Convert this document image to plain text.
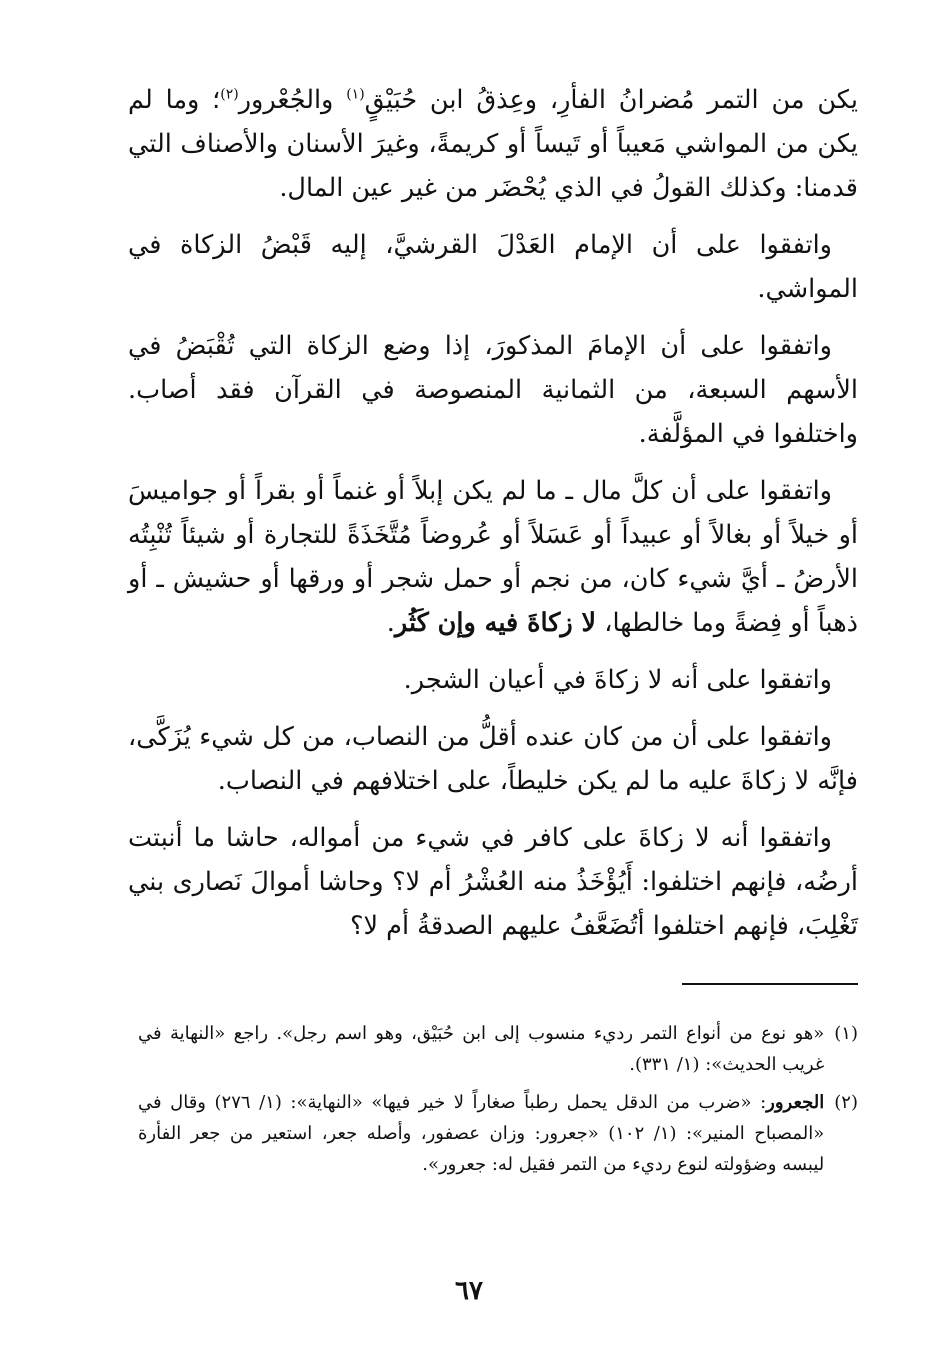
يكن من التمر مُضرانُ الفأرِ، وعِذقُ ابن حُبَيْقٍ$^{(١)}$ والجُعْرور$^{(٢)}$؛ وما لم يكن من المواشي مَعيباً أو تَيساً أو كريمةً، وغيرَ الأسنان والأصناف التي قدمنا: وكذلك القولُ في الذي يُحْضَر من غير عين المال.

واتفقوا على أن الإمام العَدْلَ القرشيَّ، إليه قَبْضُ الزكاة في المواشي.

واتفقوا على أن الإمامَ المذكورَ، إذا وضع الزكاة التي تُقْبَضُ في الأسهم السبعة، من الثمانية المنصوصة في القرآن فقد أصاب. واختلفوا في المؤلَّفة.

واتفقوا على أن كلَّ مال ـ ما لم يكن إبلاً أو غنماً أو بقراً أو جواميسَ أو خيلاً أو بغالاً أو عبيداً أو عَسَلاً أو عُروضاً مُتَّخَذَةً للتجارة أو شيئاً تُنْبِتُه الأرضُ ـ أيَّ شيء كان، من نجم أو حمل شجر أو ورقها أو حشيش ـ أو ذهباً أو فِضةً وما خالطها، لا زكاةَ فيه وإن كَثُر.

واتفقوا على أنه لا زكاةَ في أعيان الشجر.

واتفقوا على أن من كان عنده أقلُّ من النصاب، من كل شيء يُزَكَّى، فإنَّه لا زكاةَ عليه ما لم يكن خليطاً، على اختلافهم في النصاب.

واتفقوا أنه لا زكاةَ على كافر في شيء من أمواله، حاشا ما أنبتت أرضُه، فإنهم اختلفوا: أَيُؤْخَذُ منه العُشْرُ أم لا؟ وحاشا أموالَ نَصارى بني تَغْلِبَ، فإنهم اختلفوا أتُضَعَّفُ عليهم الصدقةُ أم لا؟

(١)
«هو نوع من أنواع التمر رديء منسوب إلى ابن حُبَيْق، وهو اسم رجل». راجع «النهاية في غريب الحديث»: (١/ ٣٣١).
(٢)
الجعرور: «ضرب من الدقل يحمل رطباً صغاراً لا خير فيها» «النهاية»: (١/ ٢٧٦) وقال في «المصباح المنير»: (١/ ١٠٢) «جعرور: وزان عصفور، وأصله جعر، استعير من جعر الفأرة ليبسه وضؤولته لنوع رديء من التمر فقيل له: جعرور».
٦٧
